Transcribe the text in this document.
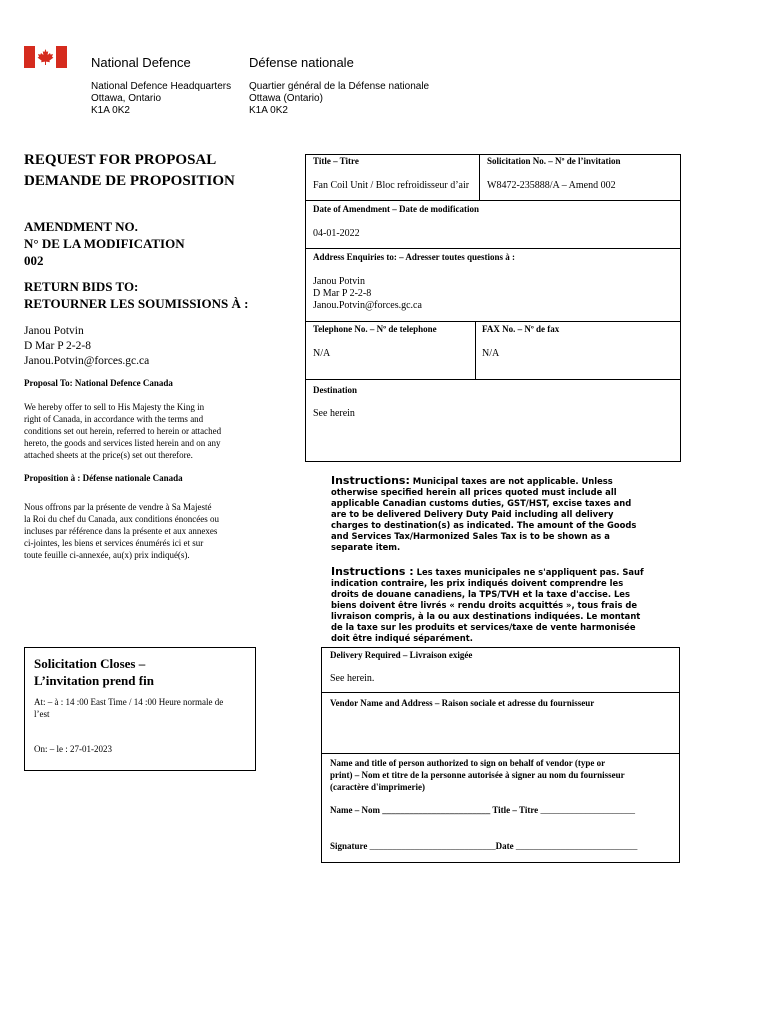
National Defence	Défense nationale
National Defence Headquarters
Ottawa, Ontario
K1A 0K2
Quartier général de la Défense nationale
Ottawa (Ontario)
K1A 0K2
REQUEST FOR PROPOSAL
DEMANDE DE PROPOSITION
AMENDMENT NO.
N° DE LA MODIFICATION
002
RETURN BIDS TO:
RETOURNER LES SOUMISSIONS À :
Janou Potvin
D Mar P 2-2-8
Janou.Potvin@forces.gc.ca
Proposal To: National Defence Canada
We hereby offer to sell to His Majesty the King in
right of Canada, in accordance with the terms and
conditions set out herein, referred to herein or attached
hereto, the goods and services listed herein and on any
attached sheets at the price(s) set out therefore.
Proposition à : Défense nationale Canada
Nous offrons par la présente de vendre à Sa Majesté
la Roi du chef du Canada, aux conditions énoncées ou
incluses par référence dans la présente et aux annexes
ci-jointes, les biens et services énumérés ici et sur
toute feuille ci-annexée, au(x) prix indiqué(s).
Solicitation Closes –
L’invitation prend fin
At: – à : 14 :00 East Time / 14 :00 Heure normale de
l’est
On: – le : 27-01-2023
Title – Titre
Fan Coil Unit / Bloc refroidisseur d’air
Solicitation No. – Nº de l’invitation
W8472-235888/A – Amend 002
Date of Amendment – Date de modification
04-01-2022
Address Enquiries to: – Adresser toutes questions à :
Janou Potvin
D Mar P 2-2-8
Janou.Potvin@forces.gc.ca
Telephone No. – Nº de telephone
N/A
FAX No. – Nº de fax
N/A
Destination
See herein
Instructions: Municipal taxes are not applicable. Unless
otherwise specified herein all prices quoted must include all
applicable Canadian customs duties, GST/HST, excise taxes and
are to be delivered Delivery Duty Paid including all delivery
charges to destination(s) as indicated. The amount of the Goods
and Services Tax/Harmonized Sales Tax is to be shown as a
separate item.
Instructions : Les taxes municipales ne s'appliquent pas. Sauf
indication contraire, les prix indiqués doivent comprendre les
droits de douane canadiens, la TPS/TVH et la taxe d'accise. Les
biens doivent être livrés « rendu droits acquittés », tous frais de
livraison compris, à la ou aux destinations indiquées. Le montant
de la taxe sur les produits et services/taxe de vente harmonisée
doit être indiqué séparément.
Delivery Required – Livraison exigée
See herein.
Vendor Name and Address – Raison sociale et adresse du fournisseur
Name and title of person authorized to sign on behalf of vendor (type or
print) – Nom et titre de la personne autorisée à signer au nom du fournisseur
(caractère d'imprimerie)
Name – Nom ________________________ Title – Titre _____________________
Signature ____________________________Date ___________________________
